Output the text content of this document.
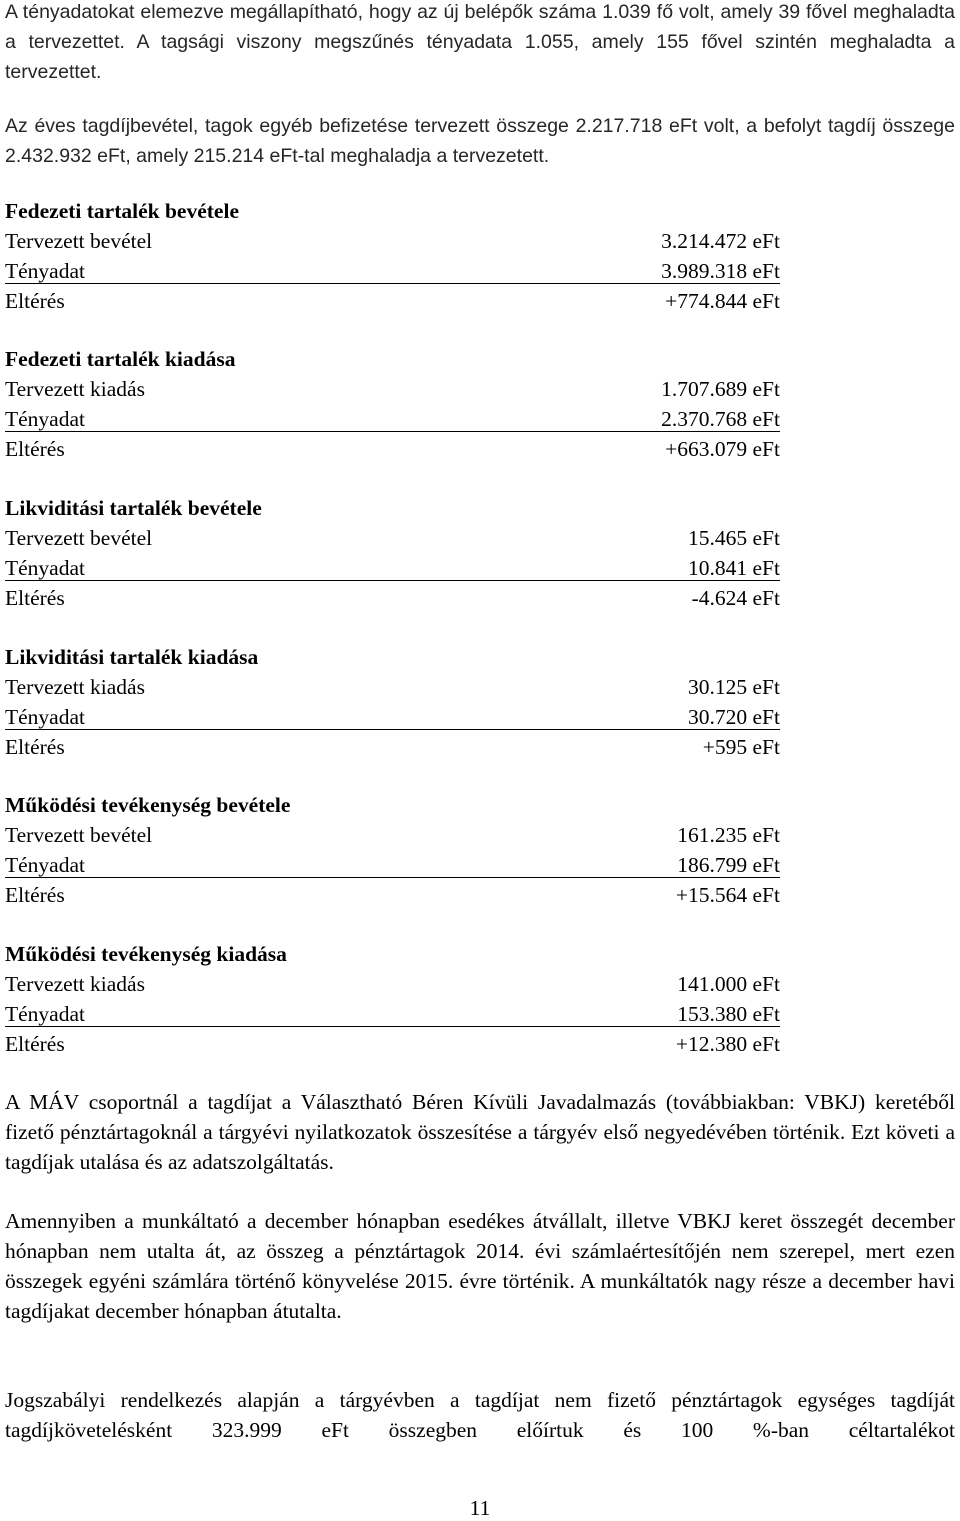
A tényadatokat elemezve megállapítható, hogy az új belépők száma 1.039 fő volt, amely 39 fővel meghaladta a tervezettet. A tagsági viszony megszűnés tényadata 1.055, amely 155 fővel szintén meghaladta a tervezettet.

Az éves tagdíjbevétel, tagok egyéb befizetése tervezett összege 2.217.718 eFt volt, a befolyt tagdíj összege 2.432.932 eFt, amely 215.214 eFt-tal meghaladja a tervezetett.

Fedezeti tartalék bevétele
Tervezett bevétel	3.214.472 eFt
Tényadat	3.989.318 eFt
Eltérés	+774.844 eFt
Fedezeti tartalék kiadása
Tervezett kiadás	1.707.689 eFt
Tényadat	2.370.768 eFt
Eltérés	+663.079 eFt
Likviditási tartalék bevétele
Tervezett bevétel	15.465 eFt
Tényadat	10.841 eFt
Eltérés	-4.624 eFt
Likviditási tartalék kiadása
Tervezett kiadás	30.125 eFt
Tényadat	30.720 eFt
Eltérés	+595 eFt
Működési tevékenység bevétele
Tervezett bevétel	161.235 eFt
Tényadat	186.799 eFt
Eltérés	+15.564 eFt
Működési tevékenység kiadása
Tervezett kiadás	141.000 eFt
Tényadat	153.380 eFt
Eltérés	+12.380 eFt

A MÁV csoportnál a tagdíjat a Választható Béren Kívüli Javadalmazás (továbbiakban: VBKJ) keretéből fizető pénztártagoknál a tárgyévi nyilatkozatok összesítése a tárgyév első negyedévében történik. Ezt követi a tagdíjak utalása és az adatszolgáltatás.

Amennyiben a munkáltató a december hónapban esedékes átvállalt, illetve VBKJ keret összegét december hónapban nem utalta át, az összeg a pénztártagok 2014. évi számlaértesítőjén nem szerepel, mert ezen összegek egyéni számlára történő könyvelése 2015. évre történik. A munkáltatók nagy része a december havi tagdíjakat december hónapban átutalta.

Jogszabályi rendelkezés alapján a tárgyévben a tagdíjat nem fizető pénztártagok egységes tagdíját tagdíjkövetelésként 323.999 eFt összegben előírtuk és 100 %-ban céltartalékot

11
